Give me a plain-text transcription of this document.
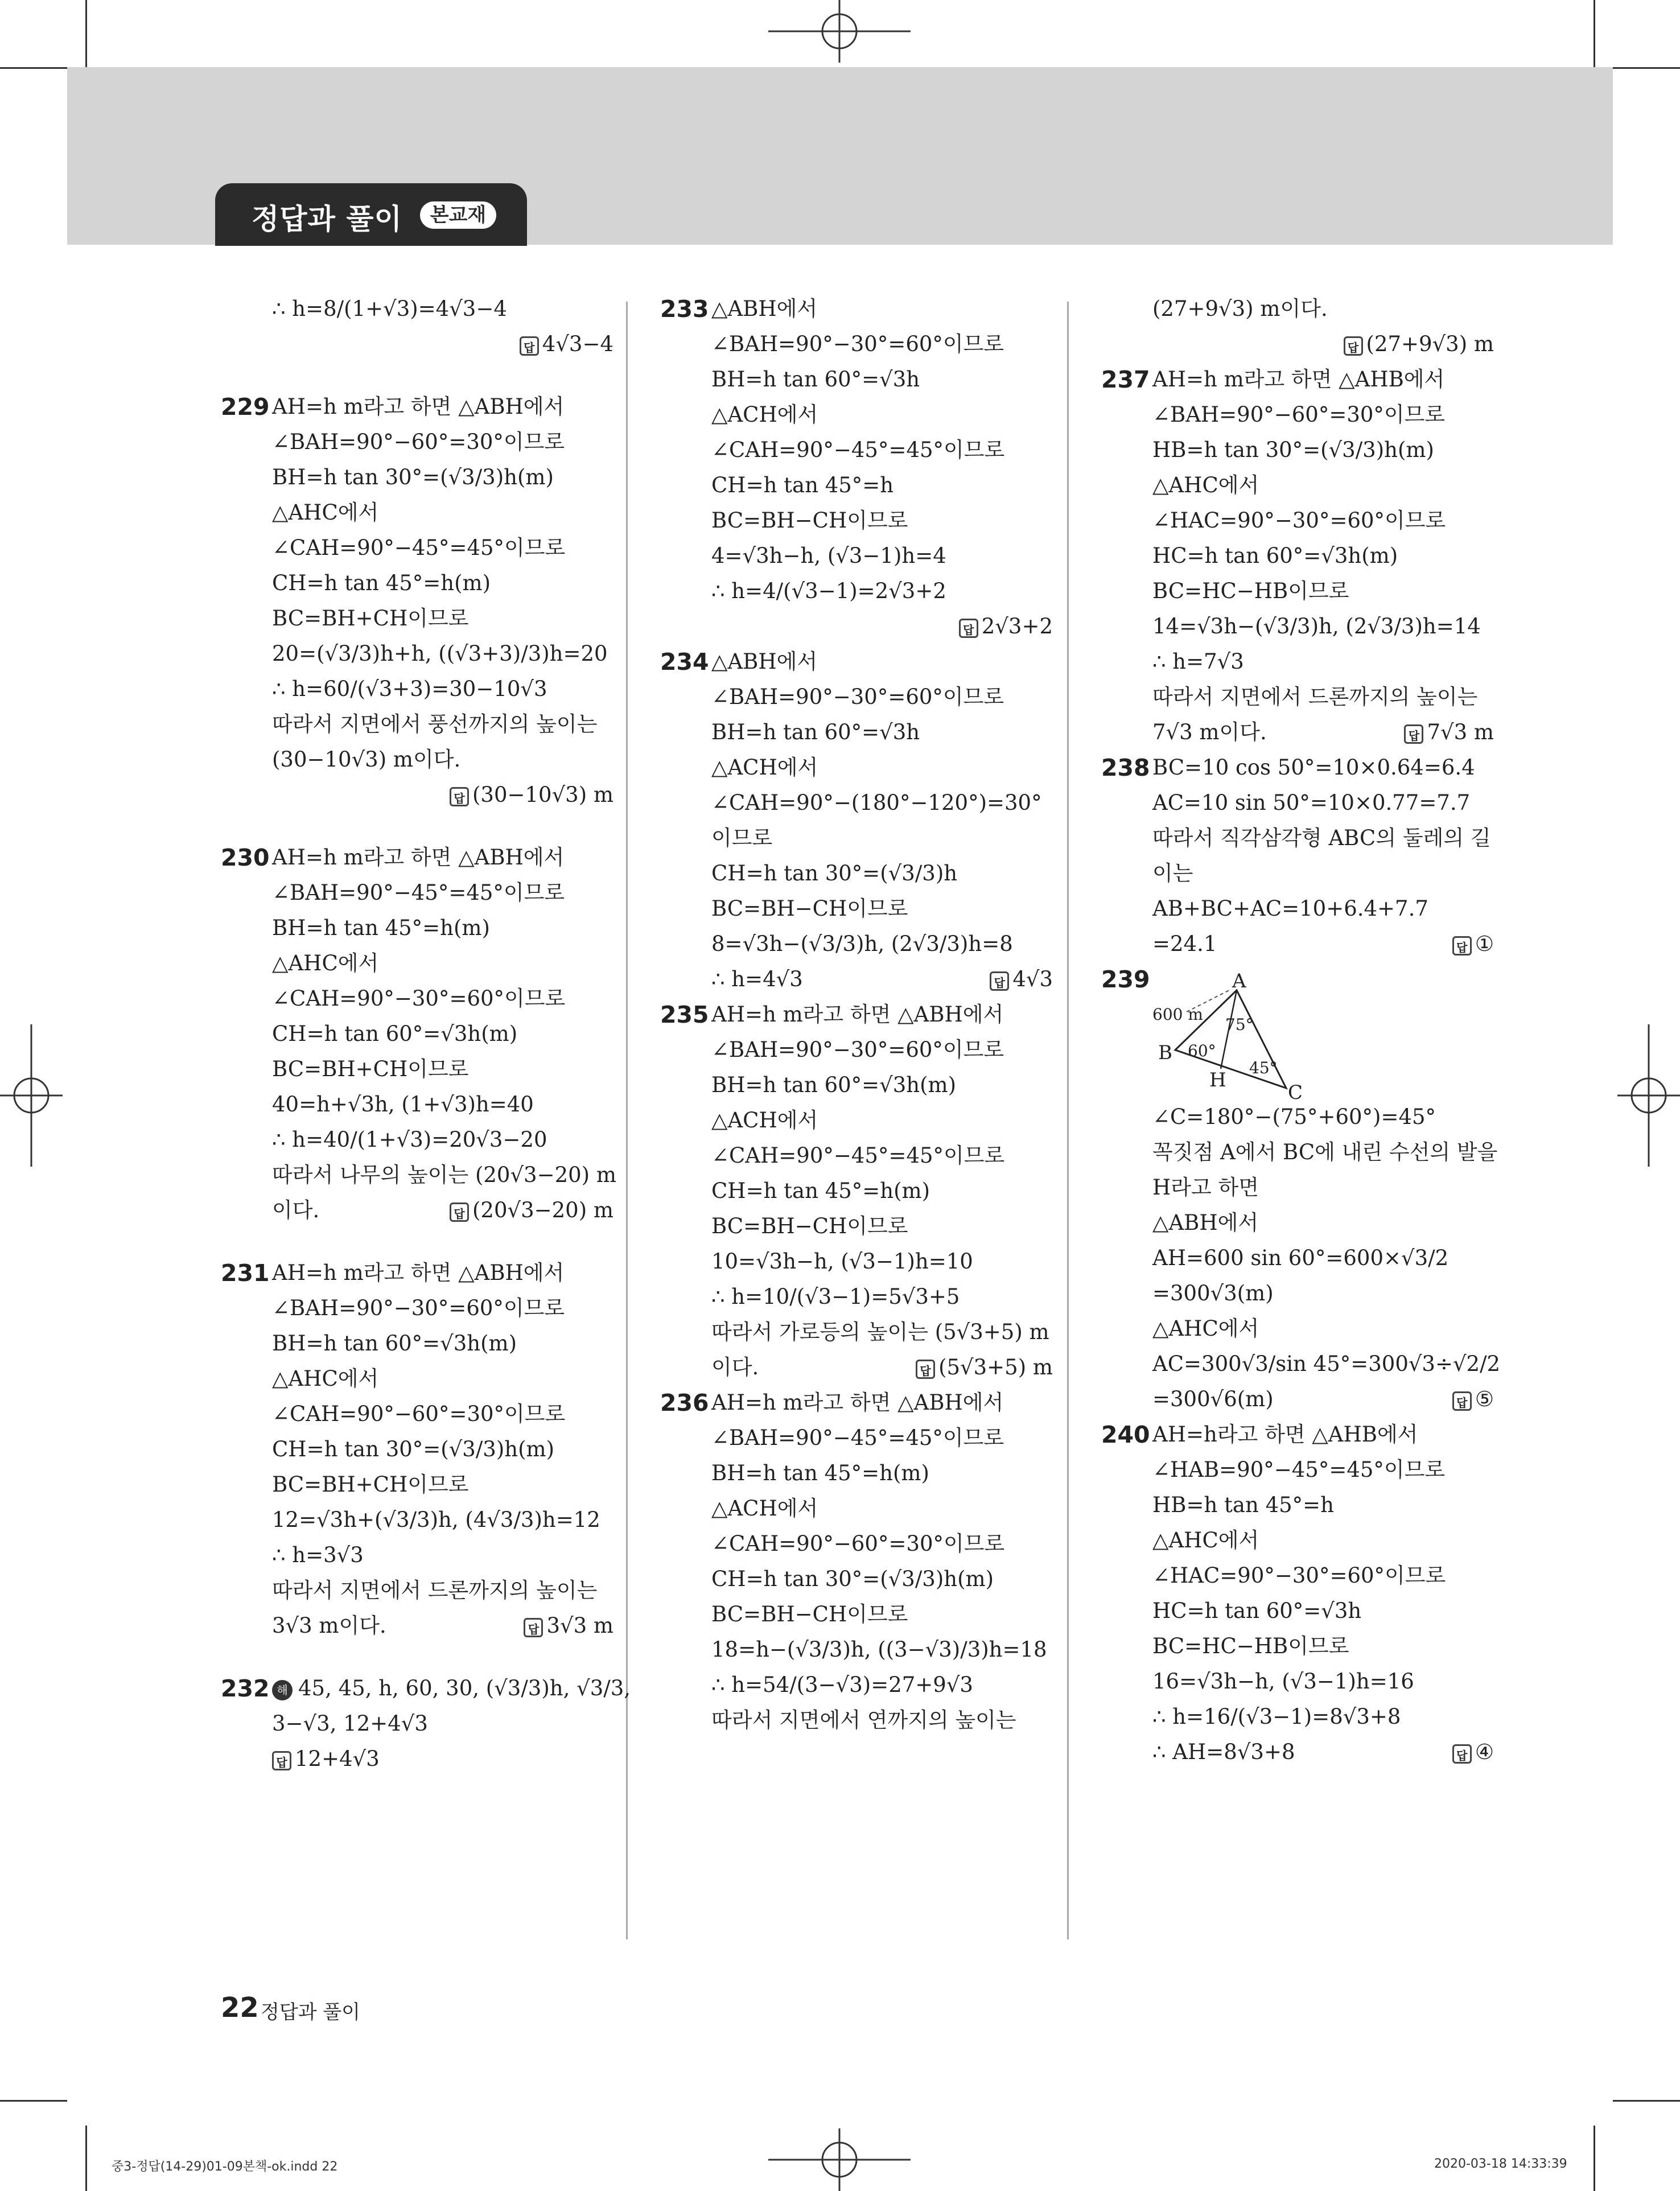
정답과 풀이	본교재
∴ h=8/(1+√3)=4√3−4
답 4√3−4
229 AH=h m라고 하면 △ABH에서
∠BAH=90°−60°=30°이므로
BH=h tan 30°=(√3/3)h(m)
△AHC에서
∠CAH=90°−45°=45°이므로
CH=h tan 45°=h(m)
BC=BH+CH이므로
20=(√3/3)h+h, ((√3+3)/3)h=20
∴ h=60/(√3+3)=30−10√3
따라서 지면에서 풍선까지의 높이는
(30−10√3) m이다.
답 (30−10√3) m
230 AH=h m라고 하면 △ABH에서
∠BAH=90°−45°=45°이므로
BH=h tan 45°=h(m)
△AHC에서
∠CAH=90°−30°=60°이므로
CH=h tan 60°=√3h(m)
BC=BH+CH이므로
40=h+√3h, (1+√3)h=40
∴ h=40/(1+√3)=20√3−20
따라서 나무의 높이는 (20√3−20) m
이다.	답 (20√3−20) m
231 AH=h m라고 하면 △ABH에서
∠BAH=90°−30°=60°이므로
BH=h tan 60°=√3h(m)
△AHC에서
∠CAH=90°−60°=30°이므로
CH=h tan 30°=(√3/3)h(m)
BC=BH+CH이므로
12=√3h+(√3/3)h, (4√3/3)h=12
∴ h=3√3
따라서 지면에서 드론까지의 높이는
3√3 m이다.	답 3√3 m
232 해 45, 45, h, 60, 30, (√3/3)h, √3/3,
3−√3, 12+4√3
답 12+4√3
233 △ABH에서
∠BAH=90°−30°=60°이므로
BH=h tan 60°=√3h
△ACH에서
∠CAH=90°−45°=45°이므로
CH=h tan 45°=h
BC=BH−CH이므로
4=√3h−h, (√3−1)h=4
∴ h=4/(√3−1)=2√3+2
답 2√3+2
234 △ABH에서
∠BAH=90°−30°=60°이므로
BH=h tan 60°=√3h
△ACH에서
∠CAH=90°−(180°−120°)=30°
이므로
CH=h tan 30°=(√3/3)h
BC=BH−CH이므로
8=√3h−(√3/3)h, (2√3/3)h=8
∴ h=4√3	답 4√3
235 AH=h m라고 하면 △ABH에서
∠BAH=90°−30°=60°이므로
BH=h tan 60°=√3h(m)
△ACH에서
∠CAH=90°−45°=45°이므로
CH=h tan 45°=h(m)
BC=BH−CH이므로
10=√3h−h, (√3−1)h=10
∴ h=10/(√3−1)=5√3+5
따라서 가로등의 높이는 (5√3+5) m
이다.	답 (5√3+5) m
236 AH=h m라고 하면 △ABH에서
∠BAH=90°−45°=45°이므로
BH=h tan 45°=h(m)
△ACH에서
∠CAH=90°−60°=30°이므로
CH=h tan 30°=(√3/3)h(m)
BC=BH−CH이므로
18=h−(√3/3)h, ((3−√3)/3)h=18
∴ h=54/(3−√3)=27+9√3
따라서 지면에서 연까지의 높이는
(27+9√3) m이다.
답 (27+9√3) m
237 AH=h m라고 하면 △AHB에서
∠BAH=90°−60°=30°이므로
HB=h tan 30°=(√3/3)h(m)
△AHC에서
∠HAC=90°−30°=60°이므로
HC=h tan 60°=√3h(m)
BC=HC−HB이므로
14=√3h−(√3/3)h, (2√3/3)h=14
∴ h=7√3
따라서 지면에서 드론까지의 높이는
7√3 m이다.	답 7√3 m
238 BC=10 cos 50°=10×0.64=6.4
AC=10 sin 50°=10×0.77=7.7
따라서 직각삼각형 ABC의 둘레의 길
이는
AB+BC+AC=10+6.4+7.7
=24.1	답 ①
239	A
B
H
C
600 m
60°
75°
45°
∠C=180°−(75°+60°)=45°
꼭짓점 A에서 BC에 내린 수선의 발을
H라고 하면
△ABH에서
AH=600 sin 60°=600×√3/2
=300√3(m)
△AHC에서
AC=300√3/sin 45°=300√3÷√2/2
=300√6(m)	답 ⑤
240 AH=h라고 하면 △AHB에서
∠HAB=90°−45°=45°이므로
HB=h tan 45°=h
△AHC에서
∠HAC=90°−30°=60°이므로
HC=h tan 60°=√3h
BC=HC−HB이므로
16=√3h−h, (√3−1)h=16
∴ h=16/(√3−1)=8√3+8
∴ AH=8√3+8	답 ④
22 정답과 풀이
중3-정답(14-29)01-09본책-ok.indd 22	2020-03-18 14:33:39
